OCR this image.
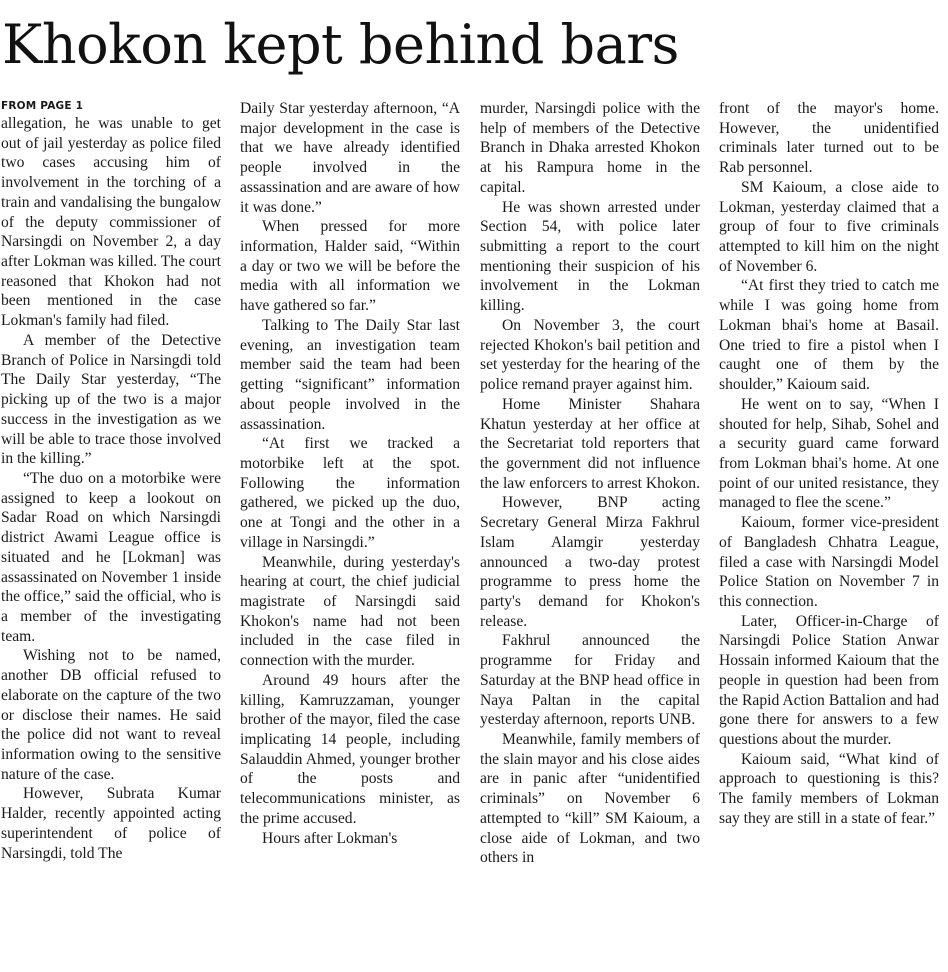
Khokon kept behind bars
FROM PAGE 1

allegation, he was unable to get out of jail yesterday as police filed two cases accusing him of involvement in the torching of a train and vandalising the bungalow of the deputy commissioner of Narsingdi on November 2, a day after Lokman was killed. The court reasoned that Khokon had not been mentioned in the case Lokman's family had filed.

A member of the Detective Branch of Police in Narsingdi told The Daily Star yesterday, “The picking up of the two is a major success in the investigation as we will be able to trace those involved in the killing.”

“The duo on a motorbike were assigned to keep a lookout on Sadar Road on which Narsingdi district Awami League office is situated and he [Lokman] was assassinated on November 1 inside the office,” said the official, who is a member of the investigating team.

Wishing not to be named, another DB official refused to elaborate on the capture of the two or disclose their names. He said the police did not want to reveal information owing to the sensitive nature of the case.

However, Subrata Kumar Halder, recently appointed acting superintendent of police of Narsingdi, told The

Daily Star yesterday afternoon, “A major development in the case is that we have already identified people involved in the assassination and are aware of how it was done.”

When pressed for more information, Halder said, “Within a day or two we will be before the media with all information we have gathered so far.”

Talking to The Daily Star last evening, an investigation team member said the team had been getting “significant” information about people involved in the assassination.

“At first we tracked a motorbike left at the spot. Following the information gathered, we picked up the duo, one at Tongi and the other in a village in Narsingdi.”

Meanwhile, during yesterday's hearing at court, the chief judicial magistrate of Narsingdi said Khokon's name had not been included in the case filed in connection with the murder.

Around 49 hours after the killing, Kamruzzaman, younger brother of the mayor, filed the case implicating 14 people, including Salauddin Ahmed, younger brother of the posts and telecommunications minister, as the prime accused.

Hours after Lokman's

murder, Narsingdi police with the help of members of the Detective Branch in Dhaka arrested Khokon at his Rampura home in the capital.

He was shown arrested under Section 54, with police later submitting a report to the court mentioning their suspicion of his involvement in the Lokman killing.

On November 3, the court rejected Khokon's bail petition and set yesterday for the hearing of the police remand prayer against him.

Home Minister Shahara Khatun yesterday at her office at the Secretariat told reporters that the government did not influence the law enforcers to arrest Khokon.

However, BNP acting Secretary General Mirza Fakhrul Islam Alamgir yesterday announced a two-day protest programme to press home the party's demand for Khokon's release.

Fakhrul announced the programme for Friday and Saturday at the BNP head office in Naya Paltan in the capital yesterday afternoon, reports UNB.

Meanwhile, family members of the slain mayor and his close aides are in panic after “unidentified criminals” on November 6 attempted to “kill” SM Kaioum, a close aide of Lokman, and two others in

front of the mayor's home. However, the unidentified criminals later turned out to be Rab personnel.

SM Kaioum, a close aide to Lokman, yesterday claimed that a group of four to five criminals attempted to kill him on the night of November 6.

“At first they tried to catch me while I was going home from Lokman bhai's home at Basail. One tried to fire a pistol when I caught one of them by the shoulder,” Kaioum said.

He went on to say, “When I shouted for help, Sihab, Sohel and a security guard came forward from Lokman bhai's home. At one point of our united resistance, they managed to flee the scene.”

Kaioum, former vice-president of Bangladesh Chhatra League, filed a case with Narsingdi Model Police Station on November 7 in this connection.

Later, Officer-in-Charge of Narsingdi Police Station Anwar Hossain informed Kaioum that the people in question had been from the Rapid Action Battalion and had gone there for answers to a few questions about the murder.

Kaioum said, “What kind of approach to questioning is this? The family members of Lokman say they are still in a state of fear.”
